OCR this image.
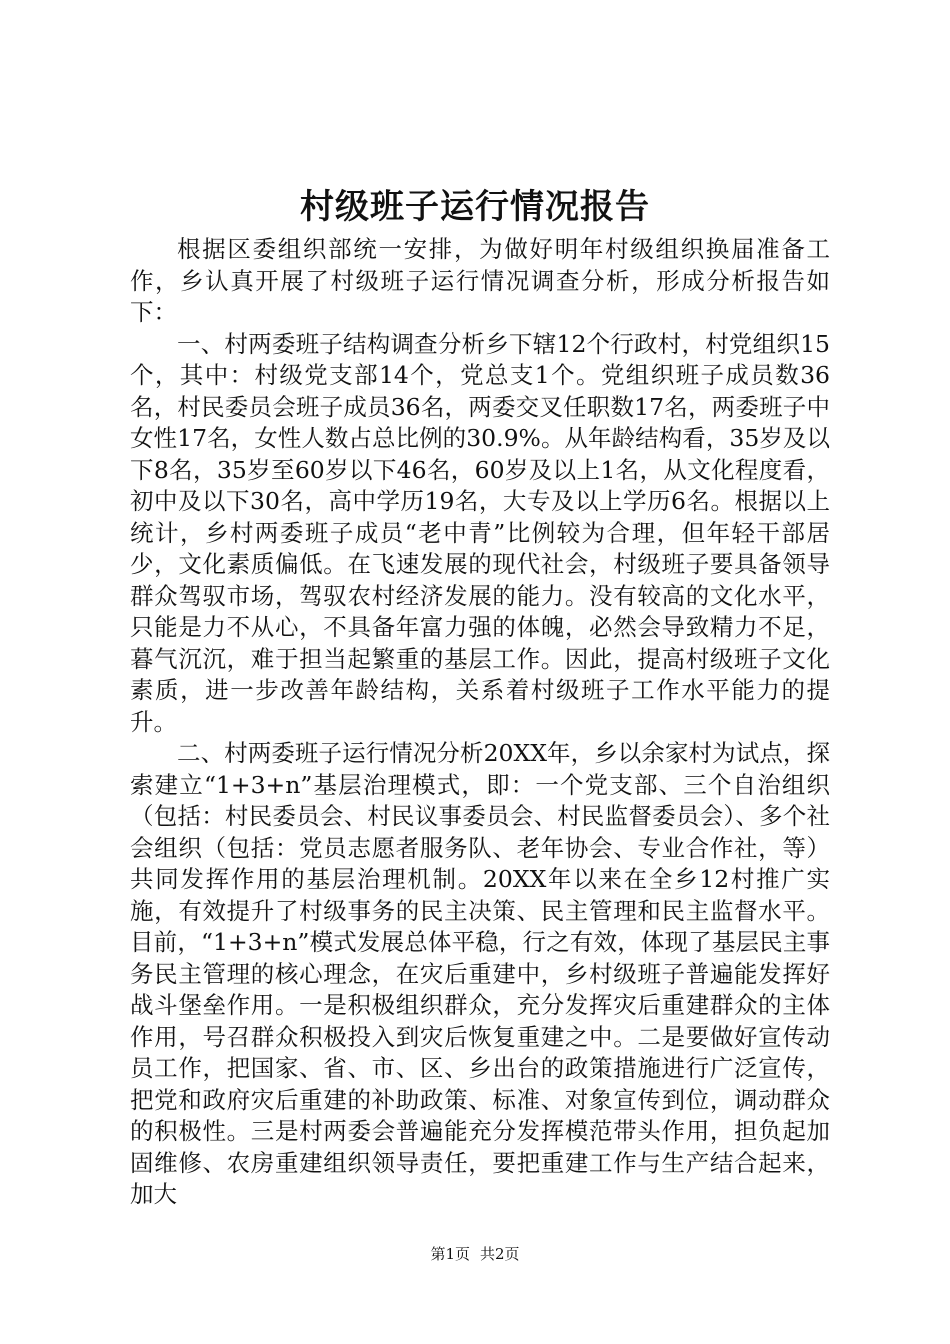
村级班子运行情况报告

根据区委组织部统一安排，为做好明年村级组织换届准备工作，乡认真开展了村级班子运行情况调查分析，形成分析报告如下：

一、村两委班子结构调查分析乡下辖12个行政村，村党组织15个，其中：村级党支部14个，党总支1个。党组织班子成员数36名，村民委员会班子成员36名，两委交叉任职数17名，两委班子中女性17名，女性人数占总比例的30.9%。从年龄结构看，35岁及以下8名，35岁至60岁以下46名，60岁及以上1名，从文化程度看，初中及以下30名，高中学历19名，大专及以上学历6名。根据以上统计，乡村两委班子成员“老中青”比例较为合理，但年轻干部居少，文化素质偏低。在飞速发展的现代社会，村级班子要具备领导群众驾驭市场，驾驭农村经济发展的能力。没有较高的文化水平，只能是力不从心，不具备年富力强的体魄，必然会导致精力不足，暮气沉沉，难于担当起繁重的基层工作。因此，提高村级班子文化素质，进一步改善年龄结构，关系着村级班子工作水平能力的提升。

二、村两委班子运行情况分析20XX年，乡以余家村为试点，探索建立“1+3+n”基层治理模式，即：一个党支部、三个自治组织（包括：村民委员会、村民议事委员会、村民监督委员会）、多个社会组织（包括：党员志愿者服务队、老年协会、专业合作社，等）共同发挥作用的基层治理机制。20XX年以来在全乡12村推广实施，有效提升了村级事务的民主决策、民主管理和民主监督水平。目前，“1+3+n”模式发展总体平稳，行之有效，体现了基层民主事务民主管理的核心理念，在灾后重建中，乡村级班子普遍能发挥好战斗堡垒作用。一是积极组织群众，充分发挥灾后重建群众的主体作用，号召群众积极投入到灾后恢复重建之中。二是要做好宣传动员工作，把国家、省、市、区、乡出台的政策措施进行广泛宣传，把党和政府灾后重建的补助政策、标准、对象宣传到位，调动群众的积极性。三是村两委会普遍能充分发挥模范带头作用，担负起加固维修、农房重建组织领导责任，要把重建工作与生产结合起来，加大

第1页 共2页
